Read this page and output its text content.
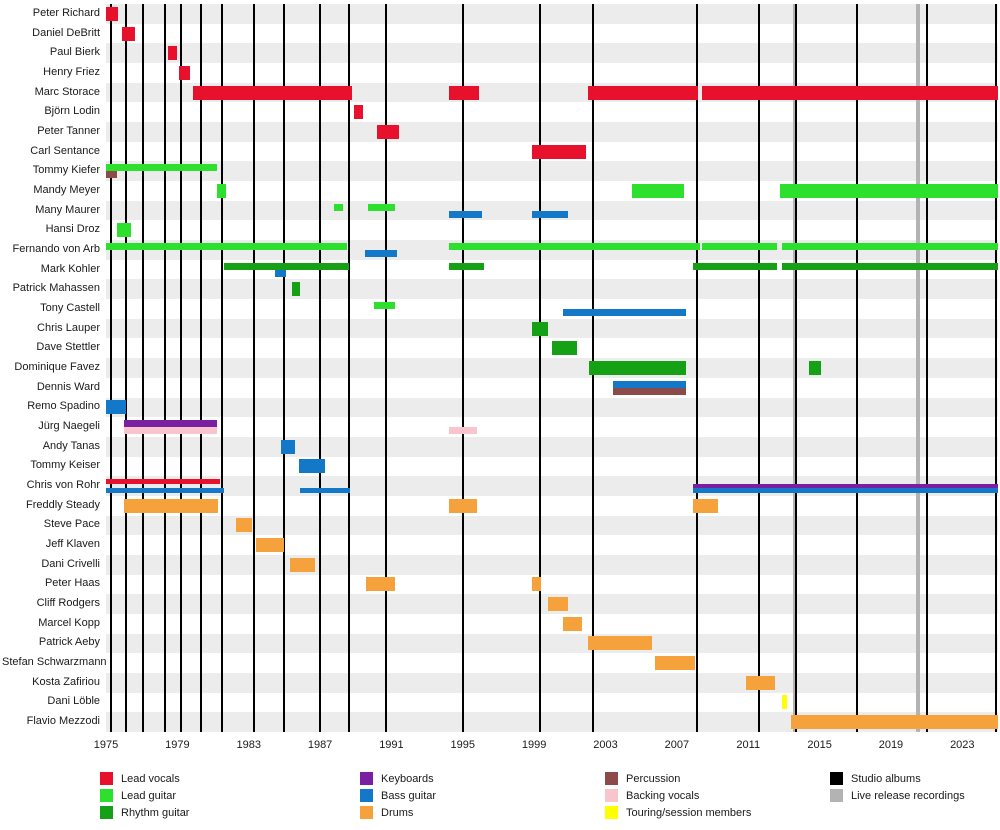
Peter Richard
Daniel DeBritt
Paul Bierk
Henry Friez
Marc Storace
Björn Lodin
Peter Tanner
Carl Sentance
Tommy Kiefer
Mandy Meyer
Many Maurer
Hansi Droz
Fernando von Arb
Mark Kohler
Patrick Mahassen
Tony Castell
Chris Lauper
Dave Stettler
Dominique Favez
Dennis Ward
Remo Spadino
Jürg Naegeli
Andy Tanas
Tommy Keiser
Chris von Rohr
Freddly Steady
Steve Pace
Jeff Klaven
Dani Crivelli
Peter Haas
Cliff Rodgers
Marcel Kopp
Patrick Aeby
Stefan Schwarzmann
Kosta Zafiriou
Dani Löble
Flavio Mezzodi
1975	1979	1983	1987	1991	1995	1999	2003	2007	2011	2015	2019	2023
Lead vocals
Lead guitar
Rhythm guitar
Keyboards
Bass guitar
Drums
Percussion
Backing vocals
Touring/session members
Studio albums
Live release recordings
